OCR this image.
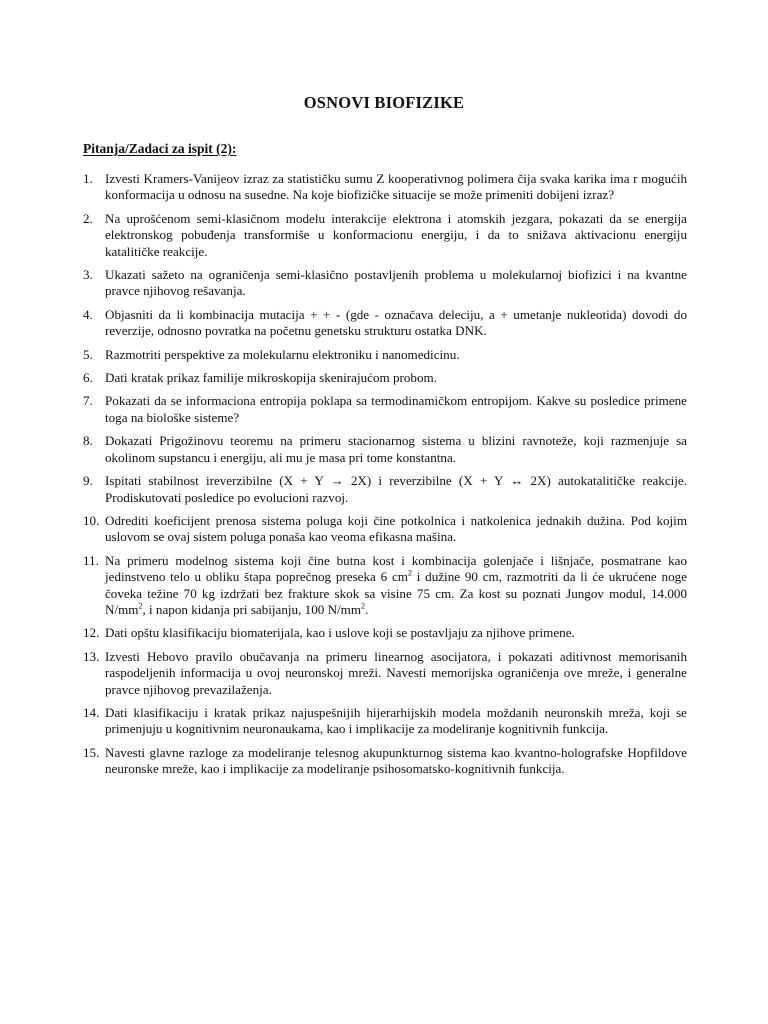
OSNOVI BIOFIZIKE
Pitanja/Zadaci za ispit (2):
1. Izvesti Kramers-Vanijeov izraz za statističku sumu Z kooperativnog polimera čija svaka karika ima r mogućih konformacija u odnosu na susedne. Na koje biofizičke situacije se može primeniti dobijeni izraz?
2. Na uprošćenom semi-klasičnom modelu interakcije elektrona i atomskih jezgara, pokazati da se energija elektronskog pobuđenja transformiše u konformacionu energiju, i da to snižava aktivacionu energiju katalitičke reakcije.
3. Ukazati sažeto na ograničenja semi-klasično postavljenih problema u molekularnoj biofizici i na kvantne pravce njihovog rešavanja.
4. Objasniti da li kombinacija mutacija + + - (gde - označava deleciju, a + umetanje nukleotida) dovodi do reverzije, odnosno povratka na početnu genetsku strukturu ostatka DNK.
5. Razmotriti perspektive za molekularnu elektroniku i nanomedicinu.
6. Dati kratak prikaz familije mikroskopija skenirajućom probom.
7. Pokazati da se informaciona entropija poklapa sa termodinamičkom entropijom. Kakve su posledice primene toga na biološke sisteme?
8. Dokazati Prigožinovu teoremu na primeru stacionarnog sistema u blizini ravnoteže, koji razmenjuje sa okolinom supstancu i energiju, ali mu je masa pri tome konstantna.
9. Ispitati stabilnost ireverzibilne (X + Y → 2X) i reverzibilne (X + Y ↔ 2X) autokatalitičke reakcije. Prodiskutovati posledice po evolucioni razvoj.
10. Odrediti koeficijent prenosa sistema poluga koji čine potkolnica i natkolenica jednakih dužina. Pod kojim uslovom se ovaj sistem poluga ponaša kao veoma efikasna mašina.
11. Na primeru modelnog sistema koji čine butna kost i kombinacija golenjače i lišnjače, posmatrane kao jedinstveno telo u obliku štapa poprečnog preseka 6 $cm^2$ i dužine 90 cm, razmotriti da li će ukrućene noge čoveka težine 70 kg izdržati bez frakture skok sa visine 75 cm. Za kost su poznati Jungov modul, 14.000 $N/mm^2$, i napon kidanja pri sabijanju, 100 $N/mm^2$.
12. Dati opštu klasifikaciju biomaterijala, kao i uslove koji se postavljaju za njihove primene.
13. Izvesti Hebovo pravilo obučavanja na primeru linearnog asocijatora, i pokazati aditivnost memorisanih raspodeljenih informacija u ovoj neuronskoj mreži. Navesti memorijska ograničenja ove mreže, i generalne pravce njihovog prevazilaženja.
14. Dati klasifikaciju i kratak prikaz najuspešnijih hijerarhijskih modela moždanih neuronskih mreža, koji se primenjuju u kognitivnim neuronaukama, kao i implikacije za modeliranje kognitivnih funkcija.
15. Navesti glavne razloge za modeliranje telesnog akupunkturnog sistema kao kvantno-holografske Hopfildove neuronske mreže, kao i implikacije za modeliranje psihosomatsko-kognitivnih funkcija.
